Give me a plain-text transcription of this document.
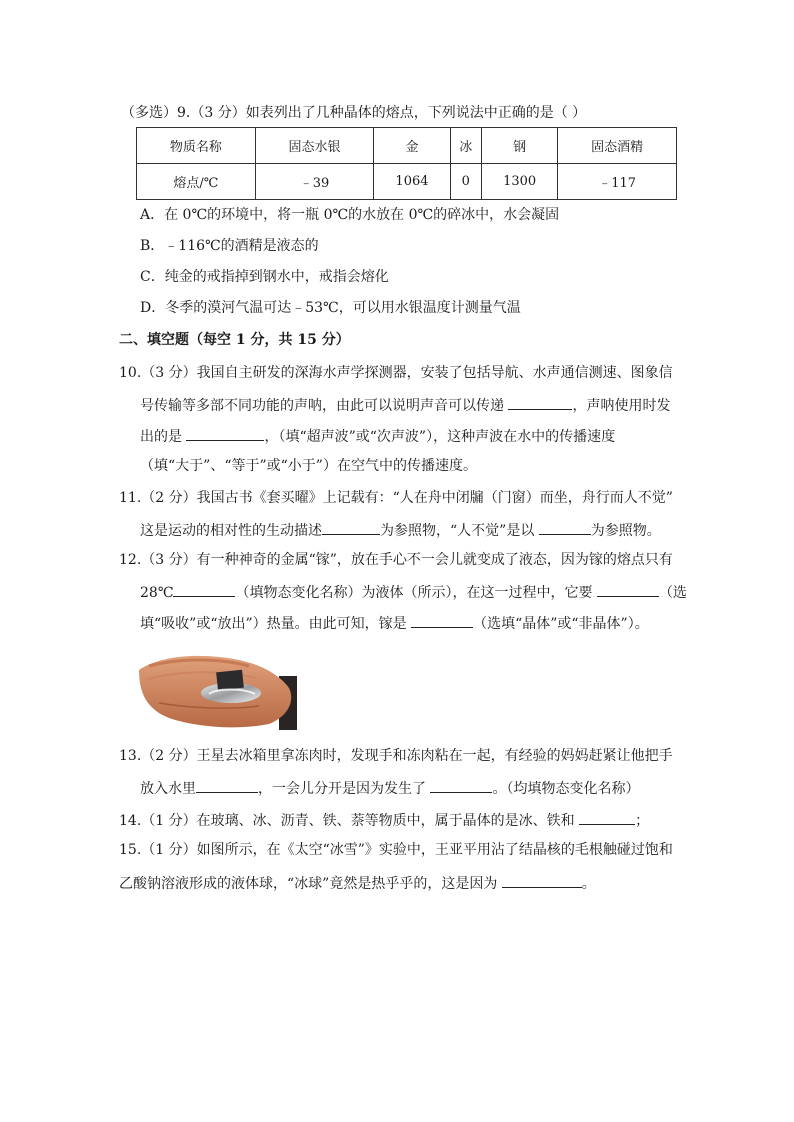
（多选）9.（3 分）如表列出了几种晶体的熔点，下列说法中正确的是（ ）
物质名称	固态水银	金	冰	钢	固态酒精
熔点/℃	﹣39	1064	0	1300	﹣117
A．在 0℃的环境中，将一瓶 0℃的水放在 0℃的碎冰中，水会凝固
B．﹣116℃的酒精是液态的
C．纯金的戒指掉到钢水中，戒指会熔化
D．冬季的漠河气温可达﹣53℃，可以用水银温度计测量气温
二、填空题（每空 1 分，共 15 分）
10.（3 分）我国自主研发的深海水声学探测器，安装了包括导航、水声通信测速、图象信
号传输等多部不同功能的声呐，由此可以说明声音可以传递	，声呐使用时发
出的是	，（填“超声波”或“次声波”），这种声波在水中的传播速度
（填“大于”、“等于”或“小于”）在空气中的传播速度。
11.（2 分）我国古书《套买曜》上记载有：“人在舟中闭牖（门窗）而坐，舟行而人不觉”
这是运动的相对性的生动描述	为参照物，“人不觉”是以	为参照物。
12.（3 分）有一种神奇的金属“镓”，放在手心不一会儿就变成了液态，因为镓的熔点只有
28℃	（填物态变化名称）为液体（所示），在这一过程中，它要	（选
填“吸收”或“放出”）热量。由此可知，镓是	（选填“晶体”或“非晶体”）。
13.（2 分）王星去冰箱里拿冻肉时，发现手和冻肉粘在一起，有经验的妈妈赶紧让他把手
放入水里	，一会儿分开是因为发生了	。（均填物态变化名称）
14.（1 分）在玻璃、冰、沥青、铁、萘等物质中，属于晶体的是冰、铁和	；
15.（1 分）如图所示，在《太空“冰雪”》实验中，王亚平用沾了结晶核的毛根触碰过饱和
乙酸钠溶液形成的液体球，“冰球”竟然是热乎乎的，这是因为	。
